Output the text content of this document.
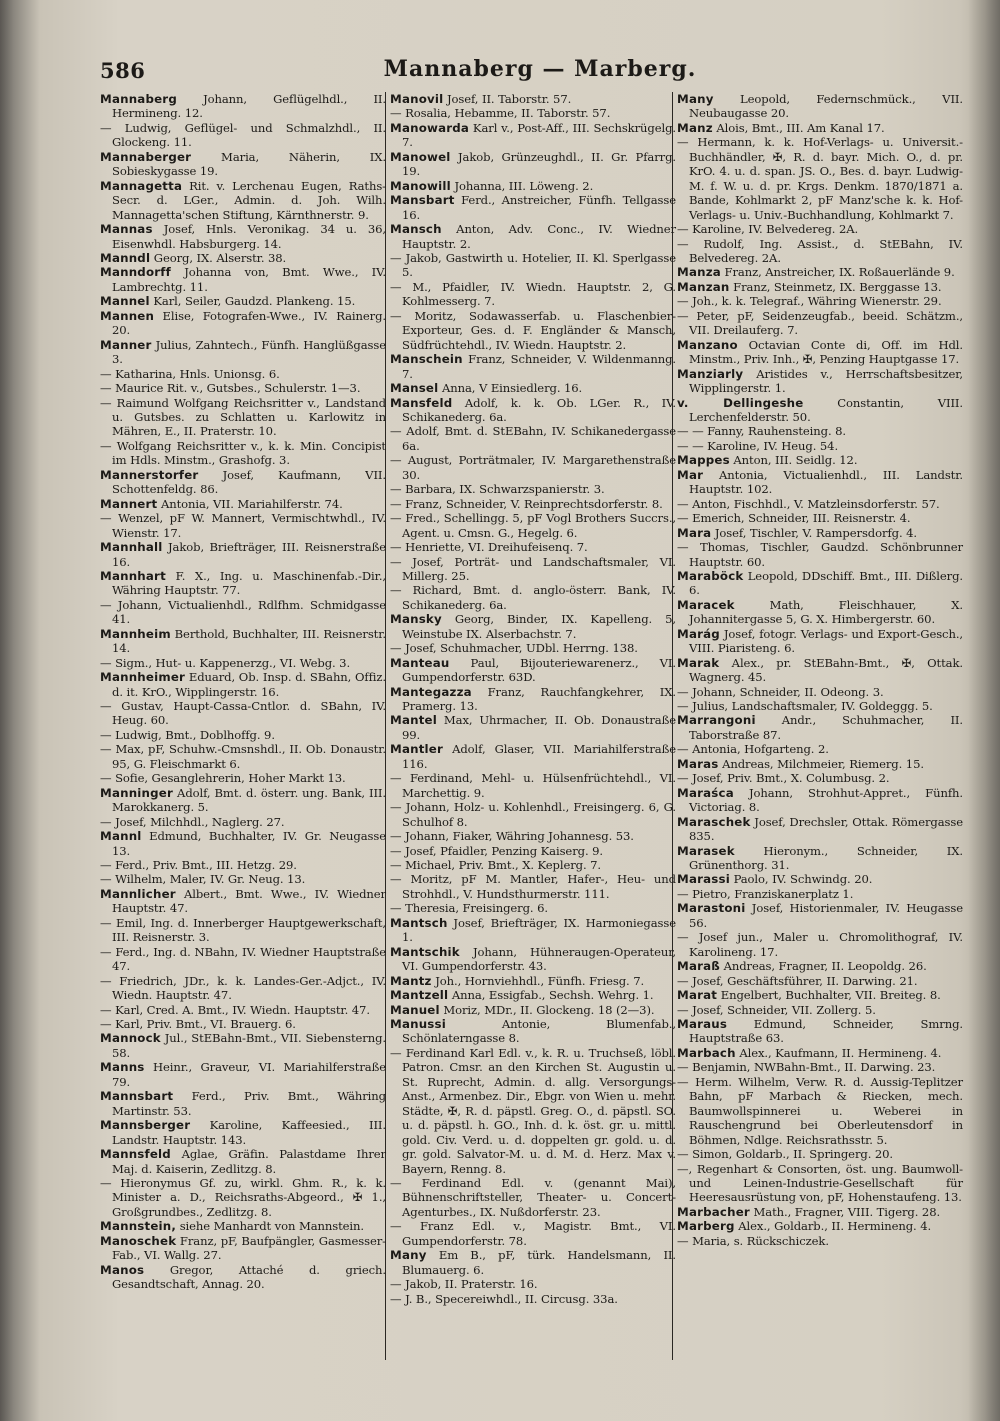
586	Mannaberg — Marberg.
Mannaberg Johann, Geflügelhdl., II. Hermineng. 12.
— Ludwig, Geflügel- und Schmalzhdl., II. Glockeng. 11.
Mannaberger	Maria, Näherin, IX. Sobieskygasse 19.
Mannagetta Rit. v. Lerchenau Eugen, Raths-Secr. d. LGer., Admin. d. Joh. Wilh. Mannagetta'schen Stiftung, Kärnthnerstr. 9.
Mannas Josef, Hnls. Veronikag. 34 u. 36, Eisenwhdl. Habsburgerg. 14.
Manndl Georg, IX. Alserstr. 38.
Manndorff Johanna von, Bmt. Wwe., IV. Lambrechtg. 11.
Mannel Karl, Seiler, Gaudzd. Plankeng. 15.
Mannen Elise, Fotografen-Wwe., IV. Rainerg. 20.
Manner Julius, Zahntech., Fünfh. Hanglüßgasse 3.
— Katharina, Hnls. Unionsg. 6.
— Maurice Rit. v., Gutsbes., Schulerstr. 1—3.
— Raimund Wolfgang Reichsritter v., Landstand u. Gutsbes. zu Schlatten u. Karlowitz in Mähren, E., II. Praterstr. 10.
— Wolfgang Reichsritter v., k. k. Min. Concipist im Hdls. Minstm., Grashofg. 3.
Mannerstorfer Josef, Kaufmann, VII. Schottenfeldg. 86.
Mannert Antonia, VII. Mariahilferstr. 74.
— Wenzel, pF W. Mannert, Vermischtwhdl., IV. Wienstr. 17.
Mannhall Jakob, Briefträger, III. Reisnerstraße 16.
Mannhart F. X., Ing. u. Maschinenfab.-Dir., Währing Hauptstr. 77.
— Johann, Victualienhdl., Rdlfhm. Schmidgasse 41.
Mannheim Berthold, Buchhalter, III. Reisnerstr. 14.
— Sigm., Hut- u. Kappenerzg., VI. Webg. 3.
Mannheimer Eduard, Ob. Insp. d. SBahn, Offiz. d. it. KrO., Wipplingerstr. 16.
— Gustav, Haupt-Cassa-Cntlor. d. SBahn, IV. Heug. 60.
— Ludwig, Bmt., Doblhoffg. 9.
— Max, pF, Schuhw.-Cmsnshdl., II. Ob. Donaustr. 95, G. Fleischmarkt 6.
— Sofie, Gesanglehrerin, Hoher Markt 13.
Manninger Adolf, Bmt. d. österr. ung. Bank, III. Marokkanerg. 5.
— Josef, Milchhdl., Naglerg. 27.
Mannl Edmund, Buchhalter, IV. Gr. Neugasse 13.
— Ferd., Priv. Bmt., III. Hetzg. 29.
— Wilhelm, Maler, IV. Gr. Neug. 13.
Mannlicher Albert., Bmt. Wwe., IV. Wiedner Hauptstr. 47.
— Emil, Ing. d. Innerberger Hauptgewerkschaft, III. Reisnerstr. 3.
— Ferd., Ing. d. NBahn, IV. Wiedner Hauptstraße 47.
— Friedrich, JDr., k. k. Landes-Ger.-Adjct., IV. Wiedn. Hauptstr. 47.
— Karl, Cred. A. Bmt., IV. Wiedn. Hauptstr. 47.
— Karl, Priv. Bmt., VI. Brauerg. 6.
Mannock Jul., StEBahn-Bmt., VII. Siebensterng. 58.
Manns Heinr., Graveur, VI. Mariahilferstraße 79.
Mannsbart Ferd., Priv. Bmt., Währing Martinstr. 53.
Mannsberger Karoline, Kaffeesied., III. Landstr. Hauptstr. 143.
Mannsfeld Aglae, Gräfin. Palastdame Ihrer Maj. d. Kaiserin, Zedlitzg. 8.
— Hieronymus Gf. zu, wirkl. Ghm. R., k. k. Minister a. D., Reichsraths-Abgeord., ✠ 1., Großgrundbes., Zedlitzg. 8.
Mannstein, siehe Manhardt von Mannstein.
Manoschek Franz, pF, Baufpängler, Gasmesser-Fab., VI. Wallg. 27.
Manos Gregor, Attaché d. griech. Gesandtschaft, Annag. 20.
Manovil Josef, II. Taborstr. 57.
— Rosalia, Hebamme, II. Taborstr. 57.
Manowarda Karl v., Post-Aff., III. Sechskrügelg. 7.
Manowel Jakob, Grünzeughdl., II. Gr. Pfarrg. 19.
Manowill Johanna, III. Löweng. 2.
Mansbart Ferd., Anstreicher, Fünfh. Tellgasse 16.
Mansch Anton, Adv. Conc., IV. Wiedner Hauptstr. 2.
— Jakob, Gastwirth u. Hotelier, II. Kl. Sperlgasse 5.
— M., Pfaidler, IV. Wiedn. Hauptstr. 2, G. Kohlmesserg. 7.
— Moritz, Sodawasserfab. u. Flaschenbier-Exporteur, Ges. d. F. Engländer & Mansch, Südfrüchtehdl., IV. Wiedn. Hauptstr. 2.
Manschein Franz, Schneider, V. Wildenmanng. 7.
Mansel Anna, V Einsiedlerg. 16.
Mansfeld Adolf, k. k. Ob. LGer. R., IV. Schikanederg. 6a.
— Adolf, Bmt. d. StEBahn, IV. Schikanedergasse 6a.
— August, Porträtmaler, IV. Margarethenstraße 30.
— Barbara, IX. Schwarzspanierstr. 3.
— Franz, Schneider, V. Reinprechtsdorferstr. 8.
— Fred., Schellingg. 5, pF Vogl Brothers Succrs., Agent. u. Cmsn. G., Hegelg. 6.
— Henriette, VI. Dreihufeisenq. 7.
— Josef, Porträt- und Landschaftsmaler, VI. Millerg. 25.
— Richard, Bmt. d. anglo-österr. Bank, IV. Schikanederg. 6a.
Mansky Georg, Binder, IX. Kapelleng. 5, Weinstube IX. Alserbachstr. 7.
— Josef, Schuhmacher, UDbl. Herrng. 138.
Manteau Paul, Bijouteriewarenerz., VI. Gumpendorferstr. 63D.
Mantegazza Franz, Rauchfangkehrer, IX. Pramerg. 13.
Mantel Max, Uhrmacher, II. Ob. Donaustraße 99.
Mantler Adolf, Glaser, VII. Mariahilferstraße 116.
— Ferdinand, Mehl- u. Hülsenfrüchtehdl., VI. Marchettig. 9.
— Johann, Holz- u. Kohlenhdl., Freisingerg. 6, G. Schulhof 8.
— Johann, Fiaker, Währing Johannesg. 53.
— Josef, Pfaidler, Penzing Kaiserg. 9.
— Michael, Priv. Bmt., X. Keplerg. 7.
— Moritz, pF M. Mantler, Hafer-, Heu- und Strohhdl., V. Hundsthurmerstr. 111.
— Theresia, Freisingerg. 6.
Mantsch Josef, Briefträger, IX. Harmoniegasse 1.
Mantschik Johann, Hühneraugen-Operateur, VI. Gumpendorferstr. 43.
Mantz Joh., Hornviehhdl., Fünfh. Friesg. 7.
Mantzell Anna, Essigfab., Sechsh. Wehrg. 1.
Manuel Moriz, MDr., II. Glockeng. 18 (2—3).
Manussi	Antonie, Blumenfab., Schönlaterngasse 8.
— Ferdinand Karl Edl. v., k. R. u. Truchseß, löbl. Patron. Cmsr. an den Kirchen St. Augustin u. St. Ruprecht, Admin. d. allg. Versorgungs-Anst., Armenbez. Dir., Ebgr. von Wien u. mehr. Städte, ✠, R. d. päpstl. Greg. O., d. päpstl. SO. u. d. päpstl. h. GO., Inh. d. k. öst. gr. u. mittl. gold. Civ. Verd. u. d. doppelten gr. gold. u. d. gr. gold. Salvator-M. u. d. M. d. Herz. Max v. Bayern, Renng. 8.
— Ferdinand Edl. v. (genannt Mai), Bühnenschriftsteller, Theater- u. Concert-Agenturbes., IX. Nußdorferstr. 23.
— Franz Edl. v., Magistr. Bmt., VI. Gumpendorferstr. 78.
Many Em B., pF, türk. Handelsmann, II. Blumauerg. 6.
— Jakob, II. Praterstr. 16.
— J. B., Specereiwhdl., II. Circusg. 33a.
Many Leopold, Federnschmück., VII. Neubaugasse 20.
Manz Alois, Bmt., III. Am Kanal 17.
— Hermann, k. k. Hof-Verlags- u. Universit.-Buchhändler, ✠, R. d. bayr. Mich. O., d. pr. KrO. 4. u. d. span. JS. O., Bes. d. bayr. Ludwig-M. f. W. u. d. pr. Krgs. Denkm. 1870/1871 a. Bande, Kohlmarkt 2, pF Manz'sche k. k. Hof-Verlags- u. Univ.-Buchhandlung, Kohlmarkt 7.
— Karoline, IV. Belvedereg. 2A.
— Rudolf, Ing. Assist., d. StEBahn, IV. Belvedereg. 2A.
Manza Franz, Anstreicher, IX. Roßauerlände 9.
Manzan Franz, Steinmetz, IX. Berggasse 13.
— Joh., k. k. Telegraf., Währing Wienerstr. 29.
— Peter, pF, Seidenzeugfab., beeid. Schätzm., VII. Dreilauferg. 7.
Manzano Octavian Conte di, Off. im Hdl. Minstm., Priv. Inh., ✠, Penzing Hauptgasse 17.
Manziarly Aristides v., Herrschaftsbesitzer, Wipplingerstr. 1.
v. Dellingeshe	Constantin, VIII. Lerchenfelderstr. 50.
— — Fanny, Rauhensteing. 8.
— — Karoline, IV. Heug. 54.
Mappes Anton, III. Seidlg. 12.
Mar Antonia, Victualienhdl., III. Landstr. Hauptstr. 102.
— Anton, Fischhdl., V. Matzleinsdorferstr. 57.
— Emerich, Schneider, III. Reisnerstr. 4.
Mara Josef, Tischler, V. Rampersdorfg. 4.
— Thomas, Tischler, Gaudzd. Schönbrunner Hauptstr. 60.
Maraböck Leopold, DDschiff. Bmt., III. Dißlerg. 6.
Maracek	Math, Fleischhauer, X. Johannitergasse 5, G. X. Himbergerstr. 60.
Marág Josef, fotogr. Verlags- und Export-Gesch., VIII. Piaristeng. 6.
Marak Alex., pr. StEBahn-Bmt., ✠, Ottak. Wagnerg. 45.
— Johann, Schneider, II. Odeong. 3.
— Julius, Landschaftsmaler, IV. Goldeggg. 5.
Marrangoni Andr., Schuhmacher, II. Taborstraße 87.
— Antonia, Hofgarteng. 2.
Maras Andreas, Milchmeier, Riemerg. 15.
— Josef, Priv. Bmt., X. Columbusg. 2.
Maraśca Johann, Strohhut-Appret., Fünfh. Victoriag. 8.
Maraschek Josef, Drechsler, Ottak. Römergasse 835.
Marasek Hieronym., Schneider, IX. Grünenthorg. 31.
Marassi Paolo, IV. Schwindg. 20.
— Pietro, Franziskanerplatz 1.
Marastoni Josef, Historienmaler, IV. Heugasse 56.
— Josef jun., Maler u. Chromolithograf, IV. Karolineng. 17.
Maraß Andreas, Fragner, II. Leopoldg. 26.
— Josef, Geschäftsführer, II. Darwing. 21.
Marat Engelbert, Buchhalter, VII. Breiteg. 8.
— Josef, Schneider, VII. Zollerg. 5.
Maraus Edmund, Schneider, Smrng. Hauptstraße 63.
Marbach Alex., Kaufmann, II. Hermineng. 4.
— Benjamin, NWBahn-Bmt., II. Darwing. 23.
— Herm. Wilhelm, Verw. R. d. Aussig-Teplitzer Bahn, pF Marbach & Riecken, mech. Baumwollspinnerei u. Weberei in Rauschengrund bei Oberleutensdorf in Böhmen, Ndlge. Reichsrathsstr. 5.
— Simon, Goldarb., II. Springerg. 20.
—, Regenhart & Consorten, öst. ung. Baumwoll- und Leinen-Industrie-Gesellschaft für Heeresausrüstung von, pF, Hohenstaufeng. 13.
Marbacher Math., Fragner, VIII. Tigerg. 28.
Marberg Alex., Goldarb., II. Hermineng. 4.
— Maria, s. Rückschiczek.
